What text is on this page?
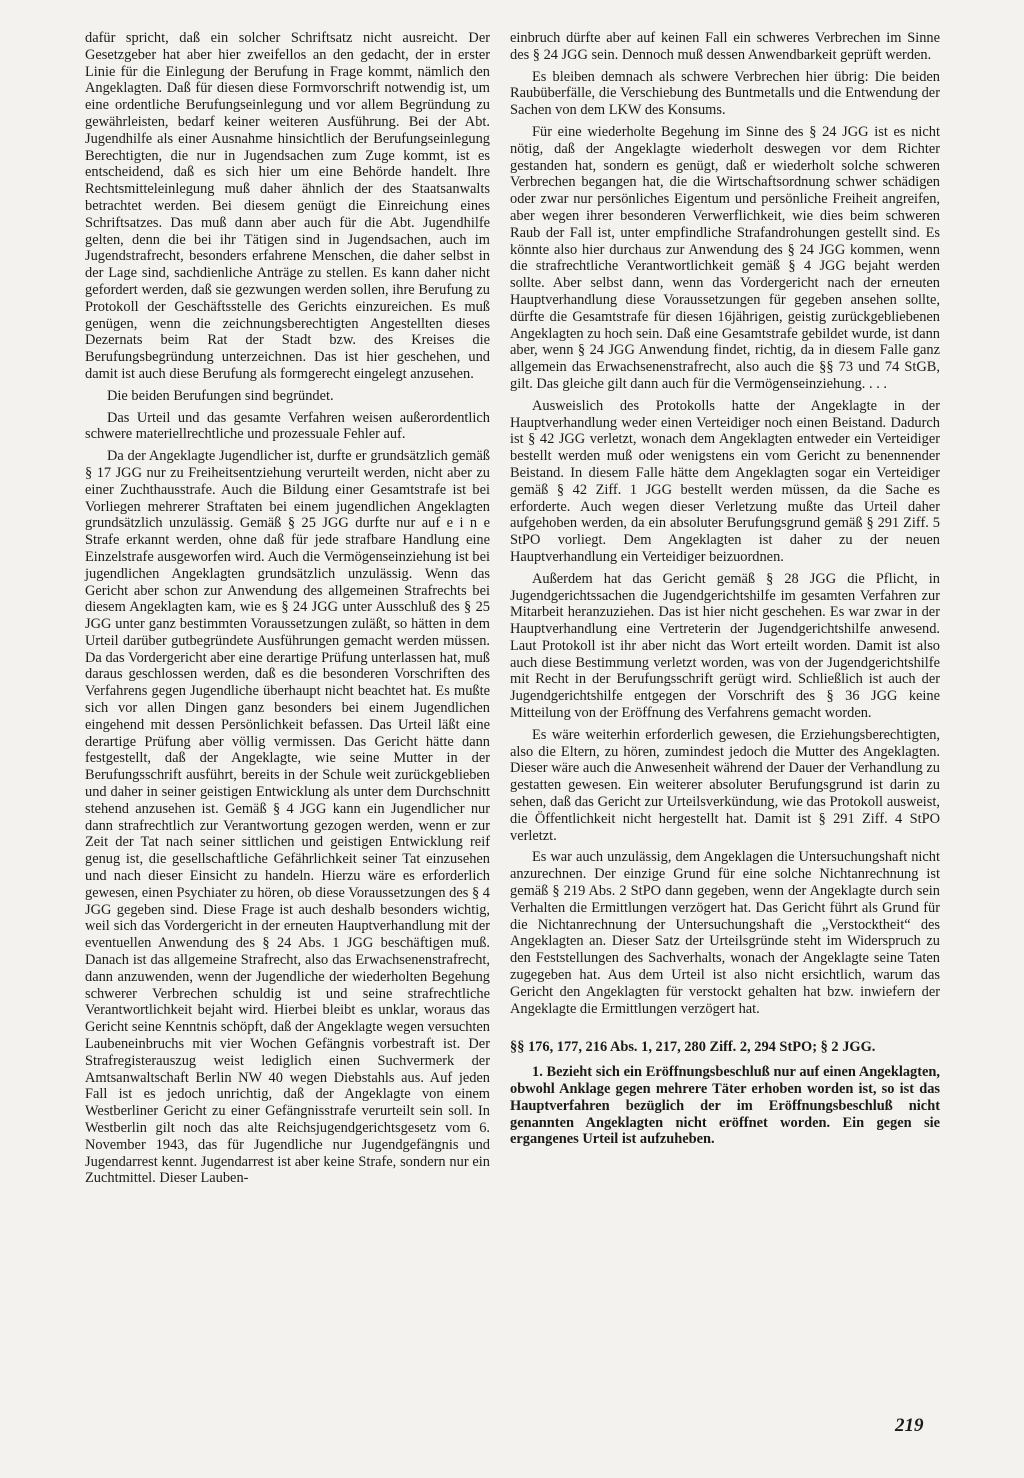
dafür spricht, daß ein solcher Schriftsatz nicht ausreicht. Der Gesetzgeber hat aber hier zweifellos an den gedacht, der in erster Linie für die Einlegung der Berufung in Frage kommt, nämlich den Angeklagten. Daß für diesen diese Formvorschrift notwendig ist, um eine ordentliche Berufungseinlegung und vor allem Begründung zu gewährleisten, bedarf keiner weiteren Ausführung. Bei der Abt. Jugendhilfe als einer Ausnahme hinsichtlich der Berufungseinlegung Berechtigten, die nur in Jugendsachen zum Zuge kommt, ist es entscheidend, daß es sich hier um eine Behörde handelt. Ihre Rechtsmitteleinlegung muß daher ähnlich der des Staatsanwalts betrachtet werden. Bei diesem genügt die Einreichung eines Schriftsatzes. Das muß dann aber auch für die Abt. Jugendhilfe gelten, denn die bei ihr Tätigen sind in Jugendsachen, auch im Jugendstrafrecht, besonders erfahrene Menschen, die daher selbst in der Lage sind, sachdienliche Anträge zu stellen. Es kann daher nicht gefordert werden, daß sie gezwungen werden sollen, ihre Berufung zu Protokoll der Geschäftsstelle des Gerichts einzureichen. Es muß genügen, wenn die zeichnungsberechtigten Angestellten dieses Dezernats beim Rat der Stadt bzw. des Kreises die Berufungsbegründung unterzeichnen. Das ist hier geschehen, und damit ist auch diese Berufung als formgerecht eingelegt anzusehen.

Die beiden Berufungen sind begründet.

Das Urteil und das gesamte Verfahren weisen außerordentlich schwere materiellrechtliche und prozessuale Fehler auf.

Da der Angeklagte Jugendlicher ist, durfte er grundsätzlich gemäß § 17 JGG nur zu Freiheitsentziehung verurteilt werden, nicht aber zu einer Zuchthausstrafe. Auch die Bildung einer Gesamtstrafe ist bei Vorliegen mehrerer Straftaten bei einem jugendlichen Angeklagten grundsätzlich unzulässig. Gemäß § 25 JGG durfte nur auf e i n e Strafe erkannt werden, ohne daß für jede strafbare Handlung eine Einzelstrafe ausgeworfen wird. Auch die Vermögenseinziehung ist bei jugendlichen Angeklagten grundsätzlich unzulässig. Wenn das Gericht aber schon zur Anwendung des allgemeinen Strafrechts bei diesem Angeklagten kam, wie es § 24 JGG unter Ausschluß des § 25 JGG unter ganz bestimmten Voraussetzungen zuläßt, so hätten in dem Urteil darüber gutbegründete Ausführungen gemacht werden müssen. Da das Vordergericht aber eine derartige Prüfung unterlassen hat, muß daraus geschlossen werden, daß es die besonderen Vorschriften des Verfahrens gegen Jugendliche überhaupt nicht beachtet hat. Es mußte sich vor allen Dingen ganz besonders bei einem Jugendlichen eingehend mit dessen Persönlichkeit befassen. Das Urteil läßt eine derartige Prüfung aber völlig vermissen. Das Gericht hätte dann festgestellt, daß der Angeklagte, wie seine Mutter in der Berufungsschrift ausführt, bereits in der Schule weit zurückgeblieben und daher in seiner geistigen Entwicklung als unter dem Durchschnitt stehend anzusehen ist. Gemäß § 4 JGG kann ein Jugendlicher nur dann strafrechtlich zur Verantwortung gezogen werden, wenn er zur Zeit der Tat nach seiner sittlichen und geistigen Entwicklung reif genug ist, die gesellschaftliche Gefährlichkeit seiner Tat einzusehen und nach dieser Einsicht zu handeln. Hierzu wäre es erforderlich gewesen, einen Psychiater zu hören, ob diese Voraussetzungen des § 4 JGG gegeben sind. Diese Frage ist auch deshalb besonders wichtig, weil sich das Vordergericht in der erneuten Hauptverhandlung mit der eventuellen Anwendung des § 24 Abs. 1 JGG beschäftigen muß. Danach ist das allgemeine Strafrecht, also das Erwachsenenstrafrecht, dann anzuwenden, wenn der Jugendliche der wiederholten Begehung schwerer Verbrechen schuldig ist und seine strafrechtliche Verantwortlichkeit bejaht wird. Hierbei bleibt es unklar, woraus das Gericht seine Kenntnis schöpft, daß der Angeklagte wegen versuchten Laubeneinbruchs mit vier Wochen Gefängnis vorbestraft ist. Der Strafregisterauszug weist lediglich einen Suchvermerk der Amtsanwaltschaft Berlin NW 40 wegen Diebstahls aus. Auf jeden Fall ist es jedoch unrichtig, daß der Angeklagte von einem Westberliner Gericht zu einer Gefängnisstrafe verurteilt sein soll. In Westberlin gilt noch das alte Reichsjugendgerichtsgesetz vom 6. November 1943, das für Jugendliche nur Jugendgefängnis und Jugendarrest kennt. Jugendarrest ist aber keine Strafe, sondern nur ein Zuchtmittel. Dieser Lauben-

einbruch dürfte aber auf keinen Fall ein schweres Verbrechen im Sinne des § 24 JGG sein. Dennoch muß dessen Anwendbarkeit geprüft werden.

Es bleiben demnach als schwere Verbrechen hier übrig: Die beiden Raubüberfälle, die Verschiebung des Buntmetalls und die Entwendung der Sachen von dem LKW des Konsums.

Für eine wiederholte Begehung im Sinne des § 24 JGG ist es nicht nötig, daß der Angeklagte wiederholt deswegen vor dem Richter gestanden hat, sondern es genügt, daß er wiederholt solche schweren Verbrechen begangen hat, die die Wirtschaftsordnung schwer schädigen oder zwar nur persönliches Eigentum und persönliche Freiheit angreifen, aber wegen ihrer besonderen Verwerflichkeit, wie dies beim schweren Raub der Fall ist, unter empfindliche Strafandrohungen gestellt sind. Es könnte also hier durchaus zur Anwendung des § 24 JGG kommen, wenn die strafrechtliche Verantwortlichkeit gemäß § 4 JGG bejaht werden sollte. Aber selbst dann, wenn das Vordergericht nach der erneuten Hauptverhandlung diese Voraussetzungen für gegeben ansehen sollte, dürfte die Gesamtstrafe für diesen 16jährigen, geistig zurückgebliebenen Angeklagten zu hoch sein. Daß eine Gesamtstrafe gebildet wurde, ist dann aber, wenn § 24 JGG Anwendung findet, richtig, da in diesem Falle ganz allgemein das Erwachsenenstrafrecht, also auch die §§ 73 und 74 StGB, gilt. Das gleiche gilt dann auch für die Vermögenseinziehung. . . .

Ausweislich des Protokolls hatte der Angeklagte in der Hauptverhandlung weder einen Verteidiger noch einen Beistand. Dadurch ist § 42 JGG verletzt, wonach dem Angeklagten entweder ein Verteidiger bestellt werden muß oder wenigstens ein vom Gericht zu benennender Beistand. In diesem Falle hätte dem Angeklagten sogar ein Verteidiger gemäß § 42 Ziff. 1 JGG bestellt werden müssen, da die Sache es erforderte. Auch wegen dieser Verletzung mußte das Urteil daher aufgehoben werden, da ein absoluter Berufungsgrund gemäß § 291 Ziff. 5 StPO vorliegt. Dem Angeklagten ist daher zu der neuen Hauptverhandlung ein Verteidiger beizuordnen.

Außerdem hat das Gericht gemäß § 28 JGG die Pflicht, in Jugendgerichtssachen die Jugendgerichtshilfe im gesamten Verfahren zur Mitarbeit heranzuziehen. Das ist hier nicht geschehen. Es war zwar in der Hauptverhandlung eine Vertreterin der Jugendgerichtshilfe anwesend. Laut Protokoll ist ihr aber nicht das Wort erteilt worden. Damit ist also auch diese Bestimmung verletzt worden, was von der Jugendgerichtshilfe mit Recht in der Berufungsschrift gerügt wird. Schließlich ist auch der Jugendgerichtshilfe entgegen der Vorschrift des § 36 JGG keine Mitteilung von der Eröffnung des Verfahrens gemacht worden.

Es wäre weiterhin erforderlich gewesen, die Erziehungsberechtigten, also die Eltern, zu hören, zumindest jedoch die Mutter des Angeklagten. Dieser wäre auch die Anwesenheit während der Dauer der Verhandlung zu gestatten gewesen. Ein weiterer absoluter Berufungsgrund ist darin zu sehen, daß das Gericht zur Urteilsverkündung, wie das Protokoll ausweist, die Öffentlichkeit nicht hergestellt hat. Damit ist § 291 Ziff. 4 StPO verletzt.

Es war auch unzulässig, dem Angeklagen die Untersuchungshaft nicht anzurechnen. Der einzige Grund für eine solche Nichtanrechnung ist gemäß § 219 Abs. 2 StPO dann gegeben, wenn der Angeklagte durch sein Verhalten die Ermittlungen verzögert hat. Das Gericht führt als Grund für die Nichtanrechnung der Untersuchungshaft die „Verstocktheit“ des Angeklagten an. Dieser Satz der Urteilsgründe steht im Widerspruch zu den Feststellungen des Sachverhalts, wonach der Angeklagte seine Taten zugegeben hat. Aus dem Urteil ist also nicht ersichtlich, warum das Gericht den Angeklagten für verstockt gehalten hat bzw. inwiefern der Angeklagte die Ermittlungen verzögert hat.

§§ 176, 177, 216 Abs. 1, 217, 280 Ziff. 2, 294 StPO; § 2 JGG.

1. Bezieht sich ein Eröffnungsbeschluß nur auf einen Angeklagten, obwohl Anklage gegen mehrere Täter erhoben worden ist, so ist das Hauptverfahren bezüglich der im Eröffnungsbeschluß nicht genannten Angeklagten nicht eröffnet worden. Ein gegen sie ergangenes Urteil ist aufzuheben.

219
